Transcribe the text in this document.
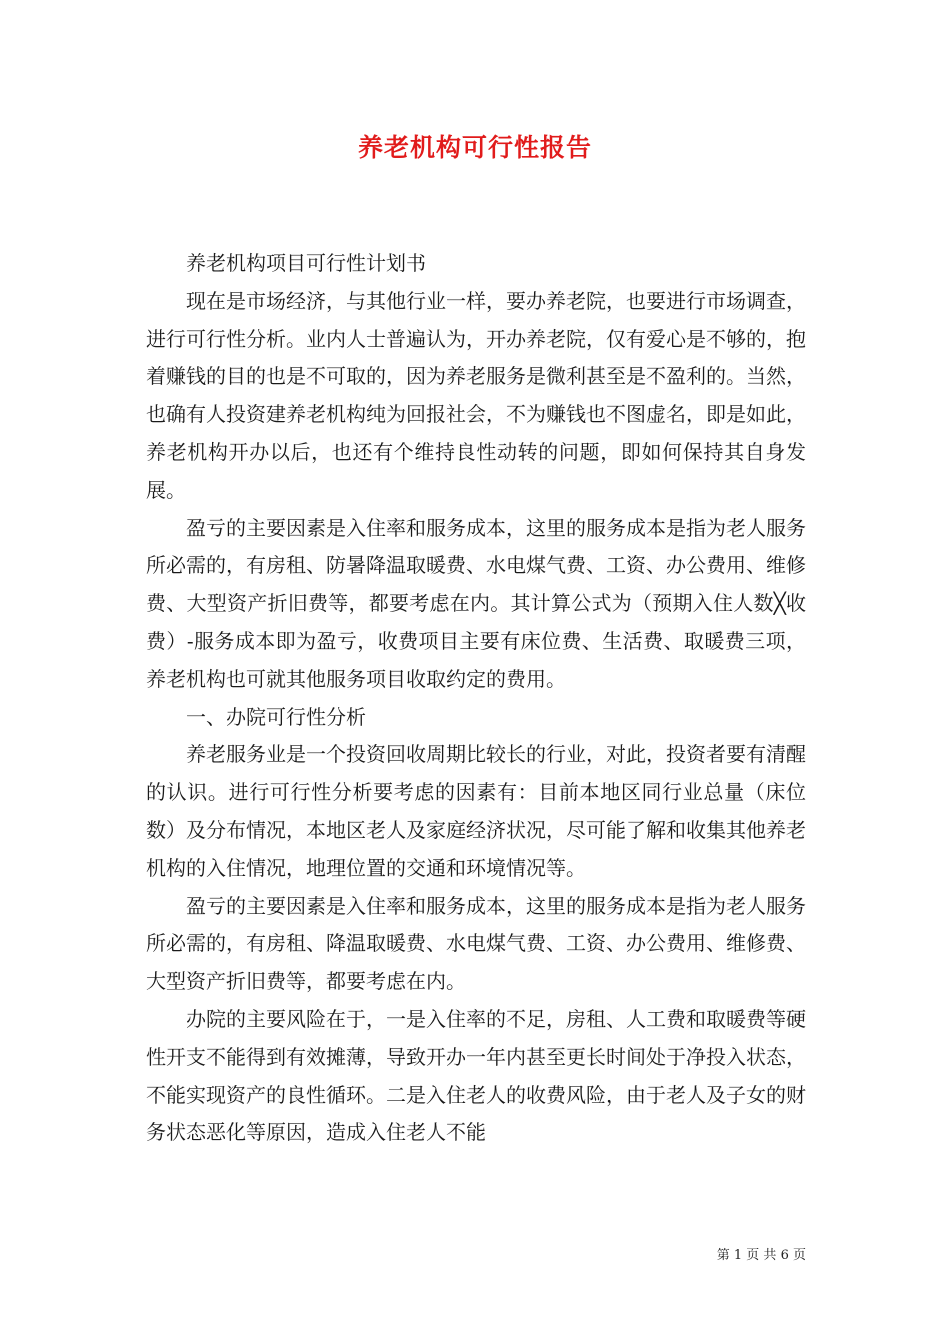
养老机构可行性报告

养老机构项目可行性计划书

现在是市场经济，与其他行业一样，要办养老院，也要进行市场调查，进行可行性分析。业内人士普遍认为，开办养老院，仅有爱心是不够的，抱着赚钱的目的也是不可取的，因为养老服务是微利甚至是不盈利的。当然，也确有人投资建养老机构纯为回报社会，不为赚钱也不图虚名，即是如此，养老机构开办以后，也还有个维持良性动转的问题，即如何保持其自身发展。

盈亏的主要因素是入住率和服务成本，这里的服务成本是指为老人服务所必需的，有房租、防暑降温取暖费、水电煤气费、工资、办公费用、维修费、大型资产折旧费等，都要考虑在内。其计算公式为（预期入住人数╳收费）-服务成本即为盈亏，收费项目主要有床位费、生活费、取暖费三项，养老机构也可就其他服务项目收取约定的费用。

一、办院可行性分析

养老服务业是一个投资回收周期比较长的行业，对此，投资者要有清醒的认识。进行可行性分析要考虑的因素有：目前本地区同行业总量（床位数）及分布情况，本地区老人及家庭经济状况，尽可能了解和收集其他养老机构的入住情况，地理位置的交通和环境情况等。

盈亏的主要因素是入住率和服务成本，这里的服务成本是指为老人服务所必需的，有房租、降温取暖费、水电煤气费、工资、办公费用、维修费、大型资产折旧费等，都要考虑在内。

办院的主要风险在于，一是入住率的不足，房租、人工费和取暖费等硬性开支不能得到有效摊薄，导致开办一年内甚至更长时间处于净投入状态，不能实现资产的良性循环。二是入住老人的收费风险，由于老人及子女的财务状态恶化等原因，造成入住老人不能

第 1 页 共 6 页
